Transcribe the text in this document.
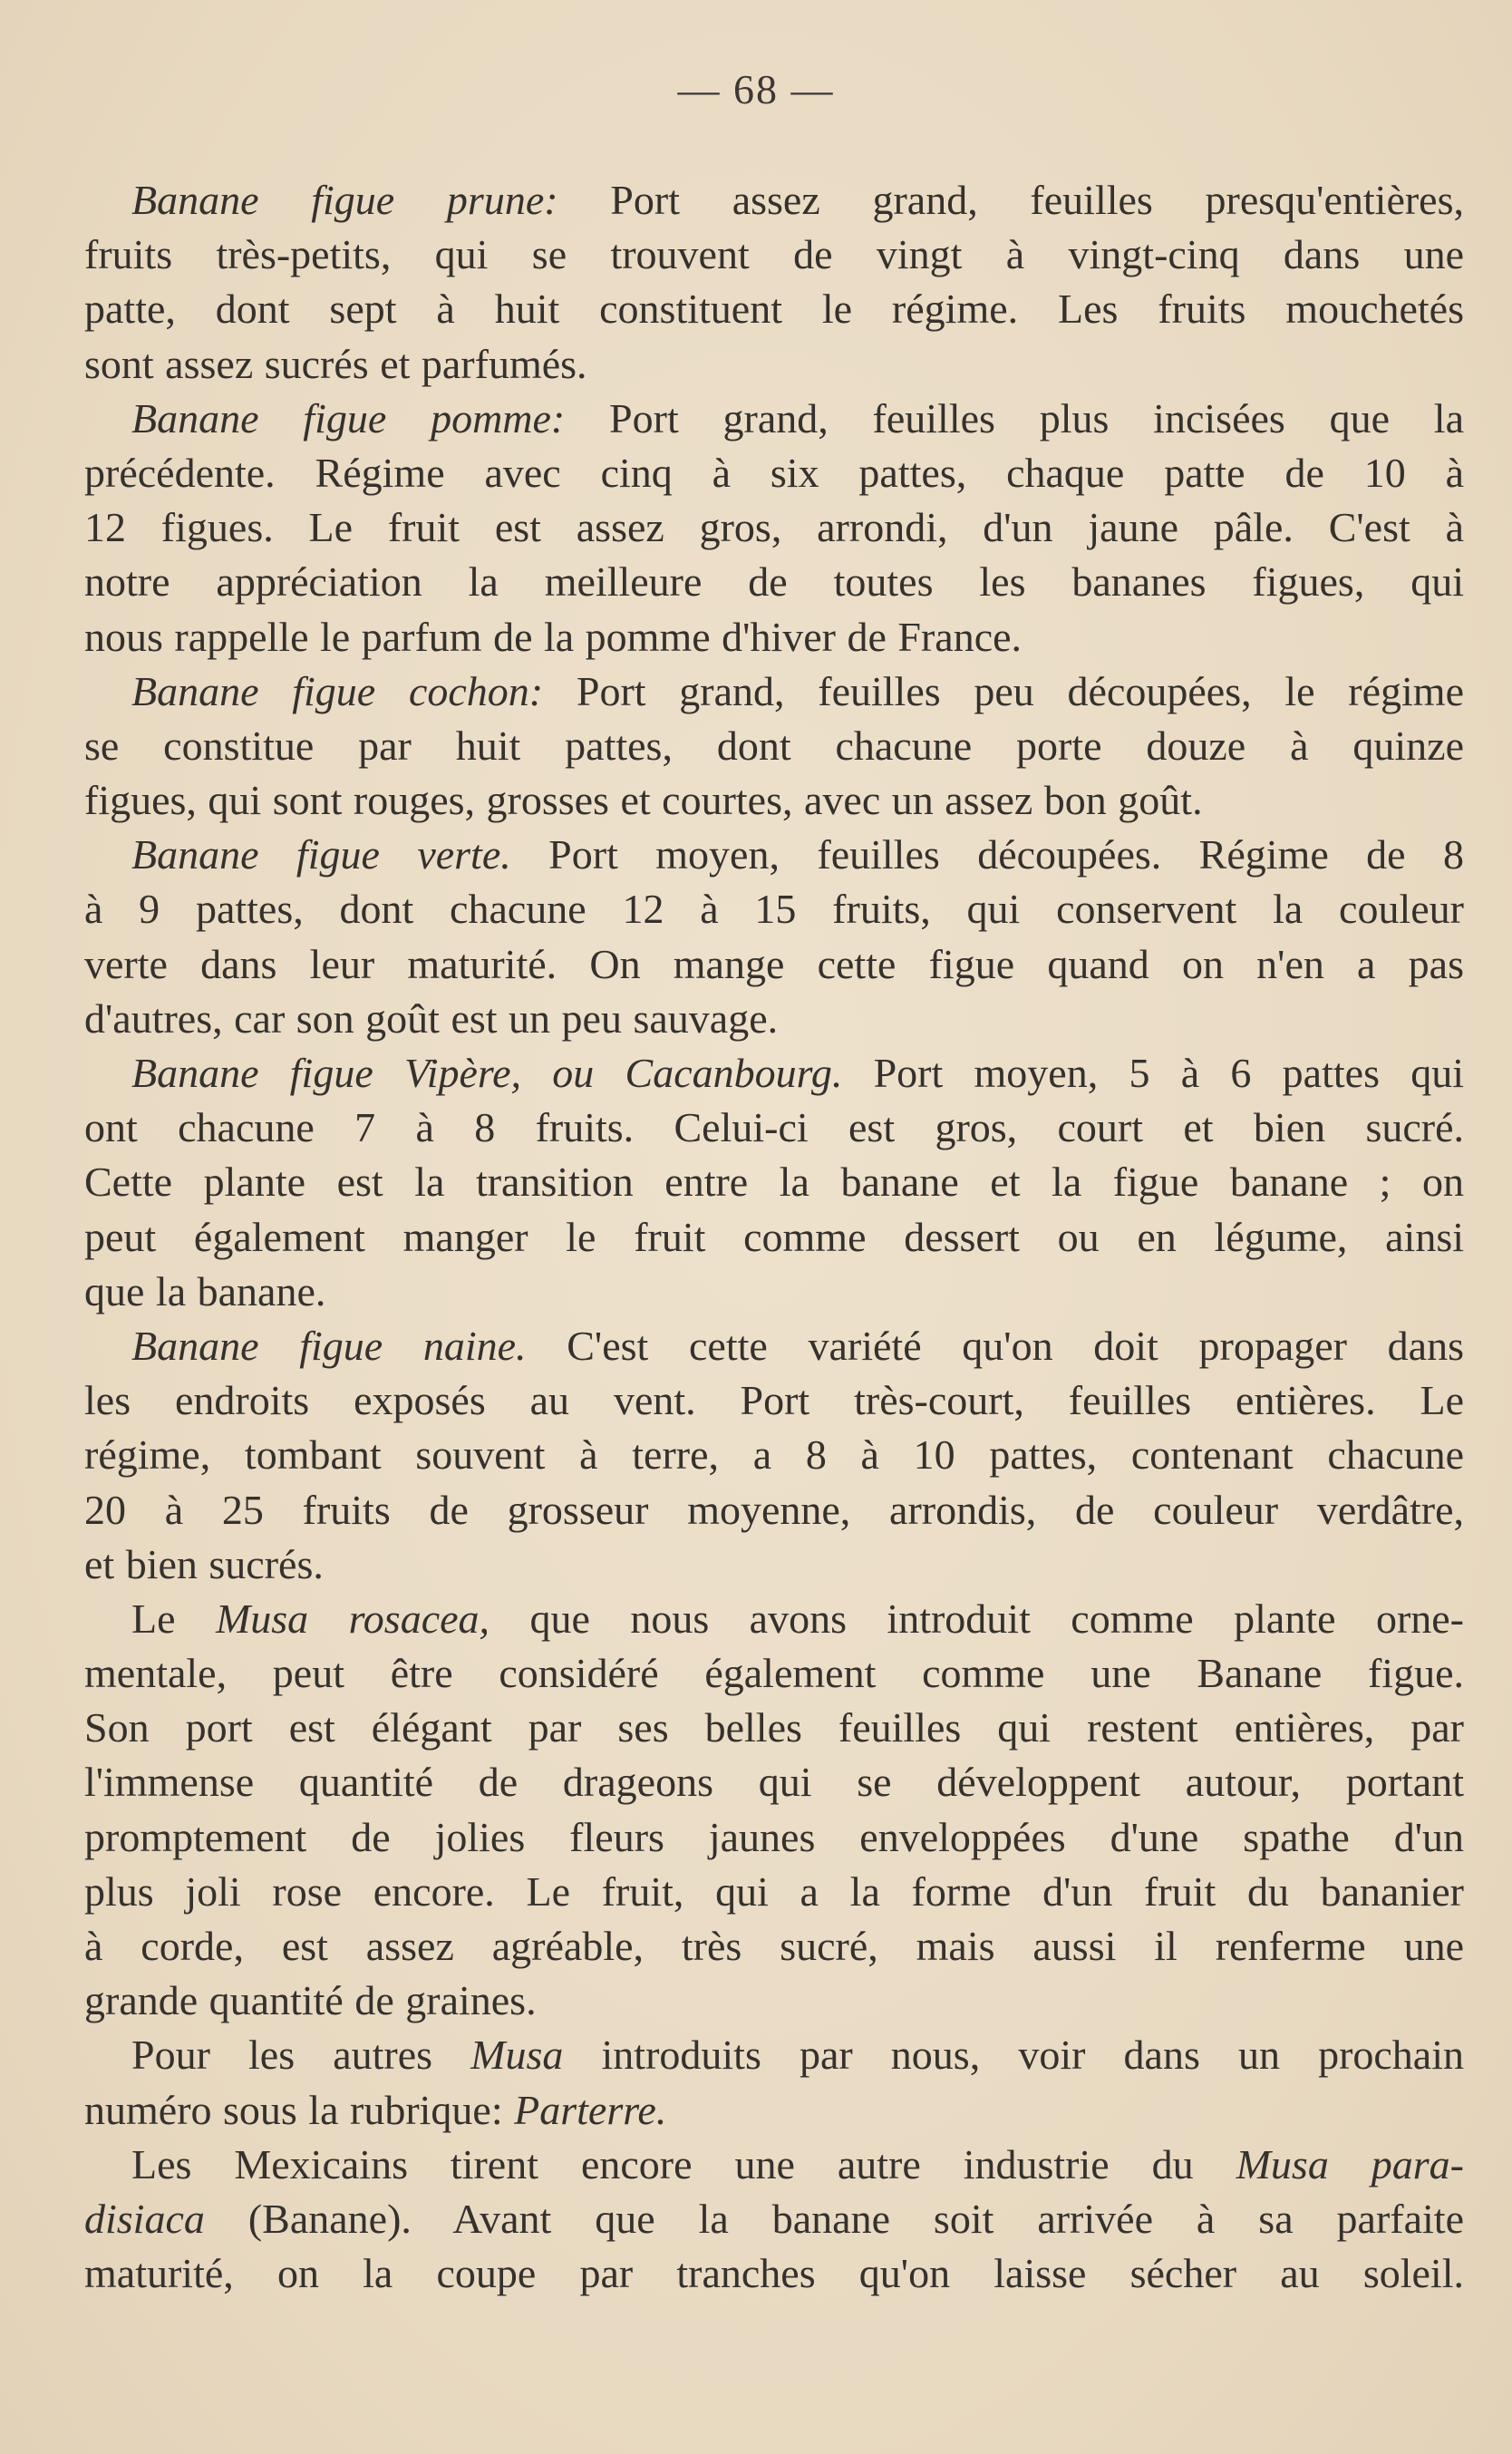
— 68 —
Banane figue prune: Port assez grand, feuilles presqu'entières,
fruits très-petits, qui se trouvent de vingt à vingt-cinq dans une
patte, dont sept à huit constituent le régime. Les fruits mouchetés
sont assez sucrés et parfumés.
Banane figue pomme: Port grand, feuilles plus incisées que la
précédente. Régime avec cinq à six pattes, chaque patte de 10 à
12 figues. Le fruit est assez gros, arrondi, d'un jaune pâle. C'est à
notre appréciation la meilleure de toutes les bananes figues, qui
nous rappelle le parfum de la pomme d'hiver de France.
Banane figue cochon: Port grand, feuilles peu découpées, le régime
se constitue par huit pattes, dont chacune porte douze à quinze
figues, qui sont rouges, grosses et courtes, avec un assez bon goût.
Banane figue verte. Port moyen, feuilles découpées. Régime de 8
à 9 pattes, dont chacune 12 à 15 fruits, qui conservent la couleur
verte dans leur maturité. On mange cette figue quand on n'en a pas
d'autres, car son goût est un peu sauvage.
Banane figue Vipère, ou Cacanbourg. Port moyen, 5 à 6 pattes qui
ont chacune 7 à 8 fruits. Celui-ci est gros, court et bien sucré.
Cette plante est la transition entre la banane et la figue banane ; on
peut également manger le fruit comme dessert ou en légume, ainsi
que la banane.
Banane figue naine. C'est cette variété qu'on doit propager dans
les endroits exposés au vent. Port très-court, feuilles entières. Le
régime, tombant souvent à terre, a 8 à 10 pattes, contenant chacune
20 à 25 fruits de grosseur moyenne, arrondis, de couleur verdâtre,
et bien sucrés.
Le Musa rosacea, que nous avons introduit comme plante orne-
mentale, peut être considéré également comme une Banane figue.
Son port est élégant par ses belles feuilles qui restent entières, par
l'immense quantité de drageons qui se développent autour, portant
promptement de jolies fleurs jaunes enveloppées d'une spathe d'un
plus joli rose encore. Le fruit, qui a la forme d'un fruit du bananier
à corde, est assez agréable, très sucré, mais aussi il renferme une
grande quantité de graines.
Pour les autres Musa introduits par nous, voir dans un prochain
numéro sous la rubrique: Parterre.
Les Mexicains tirent encore une autre industrie du Musa para-
disiaca (Banane). Avant que la banane soit arrivée à sa parfaite
maturité, on la coupe par tranches qu'on laisse sécher au soleil.
